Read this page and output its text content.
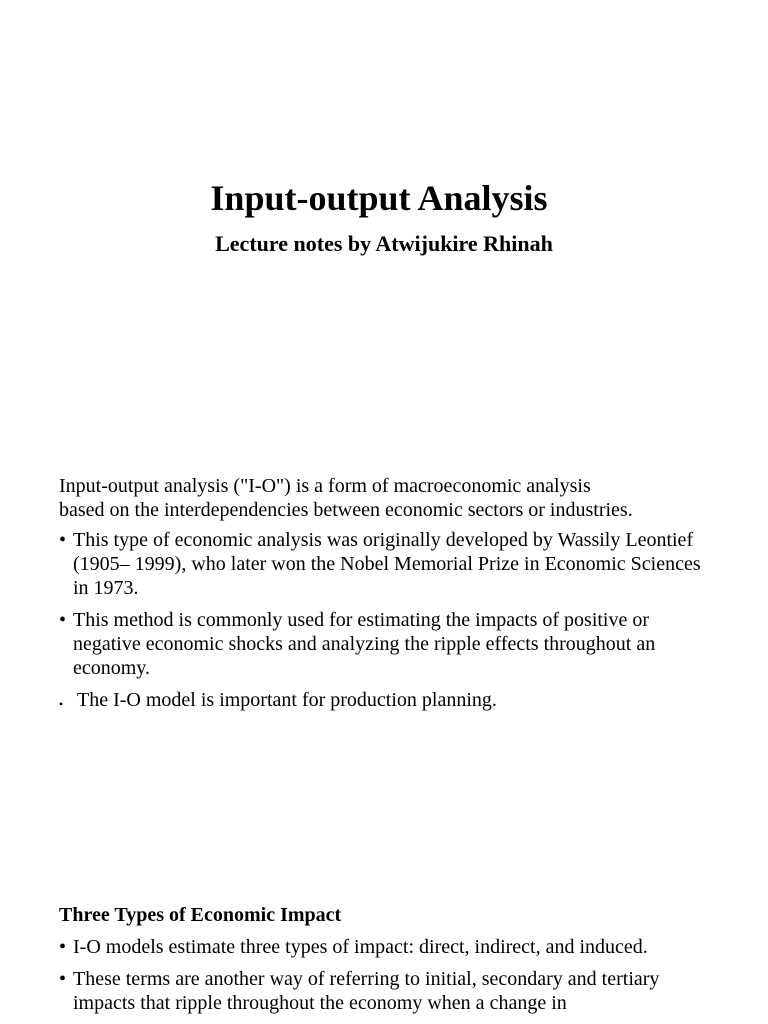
Input-output Analysis
Lecture notes by Atwijukire Rhinah

Input-output analysis ("I-O") is a form of macroeconomic analysis
based on the interdependencies between economic sectors or industries.

• This type of economic analysis was originally developed by Wassily Leontief (1905– 1999), who later won the Nobel Memorial Prize in Economic Sciences in 1973.
• This method is commonly used for estimating the impacts of positive or negative economic shocks and analyzing the ripple effects throughout an economy.
• The I-O model is important for production planning.
Three Types of Economic Impact
• I-O models estimate three types of impact: direct, indirect, and induced.
• These terms are another way of referring to initial, secondary and tertiary impacts that ripple throughout the economy when a change in
